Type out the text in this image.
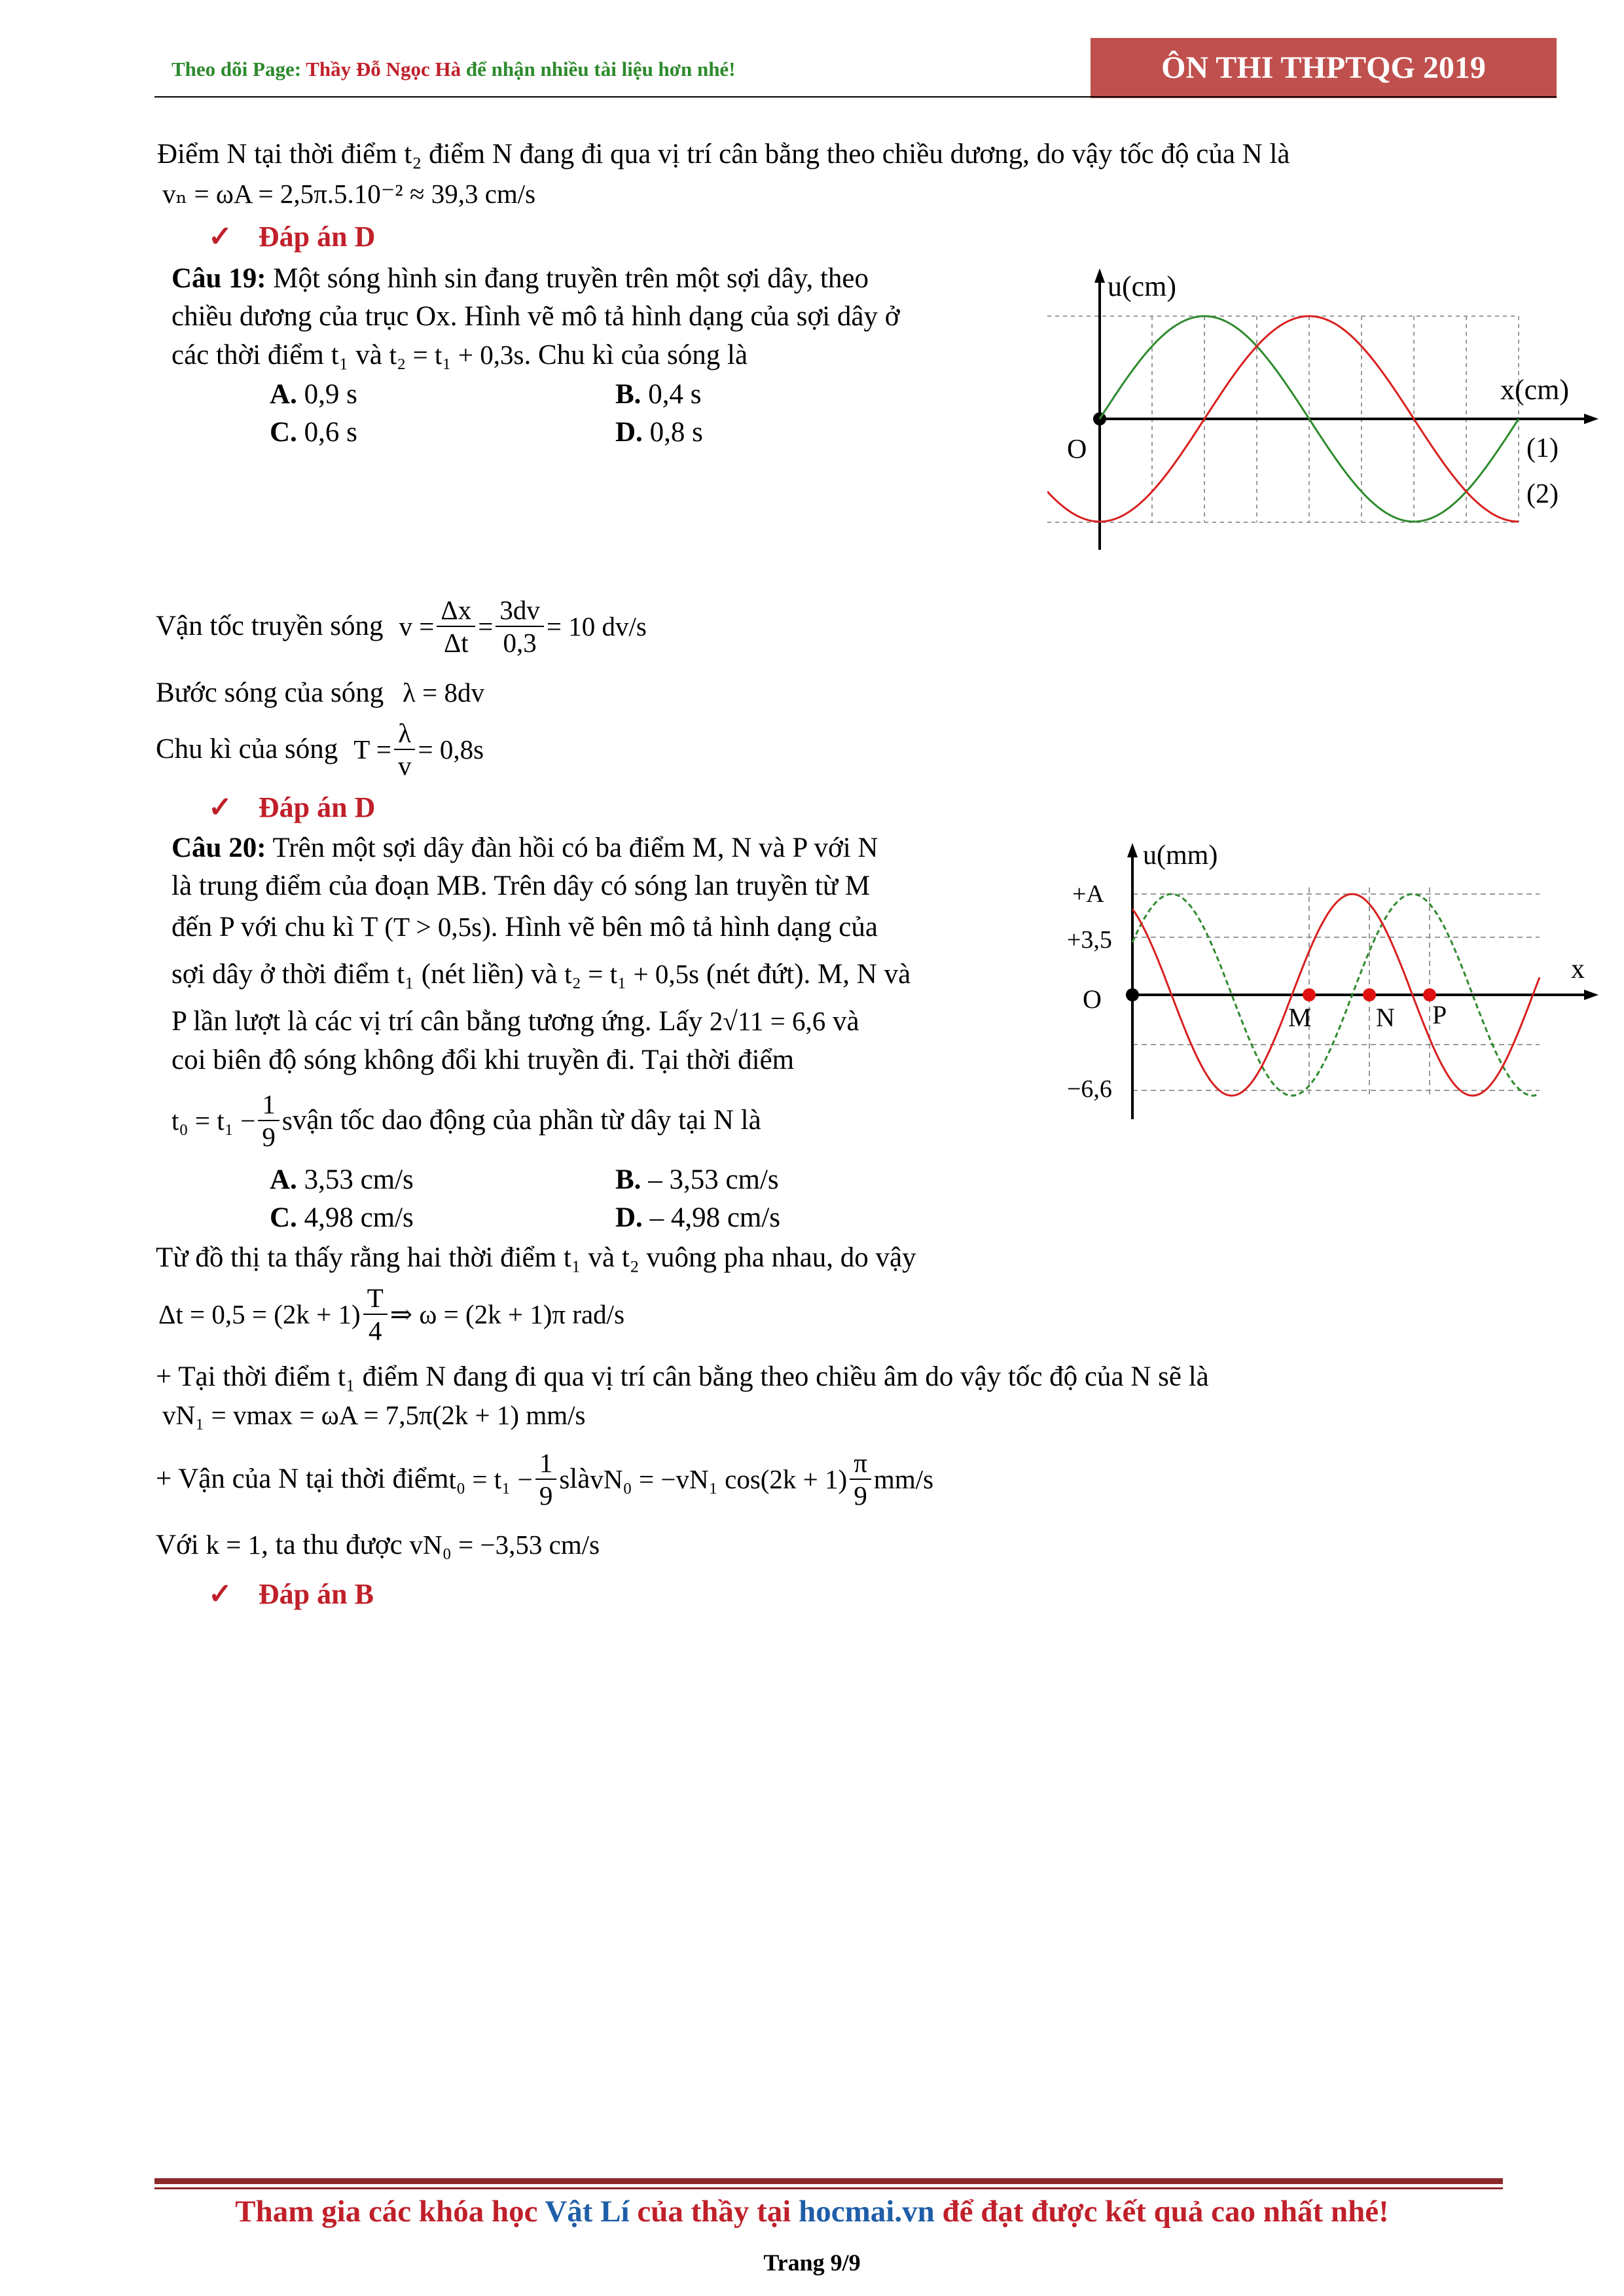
Theo dõi Page: Thầy Đỗ Ngọc Hà để nhận nhiều tài liệu hơn nhé!	ÔN THI THPTQG 2019
Điểm N tại thời điểm t₂ điểm N đang đi qua vị trí cân bằng theo chiều dương, do vậy tốc độ của N là
vₙ = ωA = 2,5π.5.10⁻² ≈ 39,3 cm/s
✓ Đáp án D
Câu 19: Một sóng hình sin đang truyền trên một sợi dây, theo
chiều dương của trục Ox. Hình vẽ mô tả hình dạng của sợi dây ở
các thời điểm t₁ và t₂ = t₁ + 0,3s. Chu kì của sóng là
A. 0,9 s	B. 0,4 s
C. 0,6 s	D. 0,8 s
u(cm)
x(cm)
O	(1)
(2)
Vận tốc truyền sóng $v = \frac{\Delta x}{\Delta t} = \frac{3dv}{0,3} = 10$ dv/s
Bước sóng của sóng λ = 8dv
Chu kì của sóng $T = \frac{\lambda}{v} = 0,8s$
✓ Đáp án D
Câu 20: Trên một sợi dây đàn hồi có ba điểm M, N và P với N
là trung điểm của đoạn MB. Trên dây có sóng lan truyền từ M
đến P với chu kì T (T > 0,5s). Hình vẽ bên mô tả hình dạng của
sợi dây ở thời điểm t₁ (nét liền) và t₂ = t₁ + 0,5s (nét đứt). M, N và
P lần lượt là các vị trí cân bằng tương ứng. Lấy 2√11 = 6,6 và
coi biên độ sóng không đổi khi truyền đi. Tại thời điểm
$t_0 = t_1 - \frac{1}{9}$ s vận tốc dao động của phần từ dây tại N là
A. 3,53 cm/s	B. – 3,53 cm/s
C. 4,98 cm/s	D. – 4,98 cm/s
u(mm)
x
O
+A
+3,5
−6,6
M N P
Từ đồ thị ta thấy rằng hai thời điểm t₁ và t₂ vuông pha nhau, do vậy
$\Delta t = 0,5 = (2k + 1) \frac{T}{4}$ ⇒ ω = (2k + 1)π rad/s
+ Tại thời điểm t₁ điểm N đang đi qua vị trí cân bằng theo chiều âm do vậy tốc độ của N sẽ là
vN₁ = vmax = ωA = 7,5π(2k + 1) mm/s
+ Vận của N tại thời điểm $t_0 = t_1 - \frac{1}{9}$ s là vN₀ = −vN₁ $\cos(2k + 1) \frac{\pi}{9} mm/s$
Với k = 1, ta thu được vN₀ = −3,53 cm/s
✓ Đáp án B
Tham gia các khóa học Vật Lí của thầy tại hocmai.vn để đạt được kết quả cao nhất nhé!
Trang 9/9
